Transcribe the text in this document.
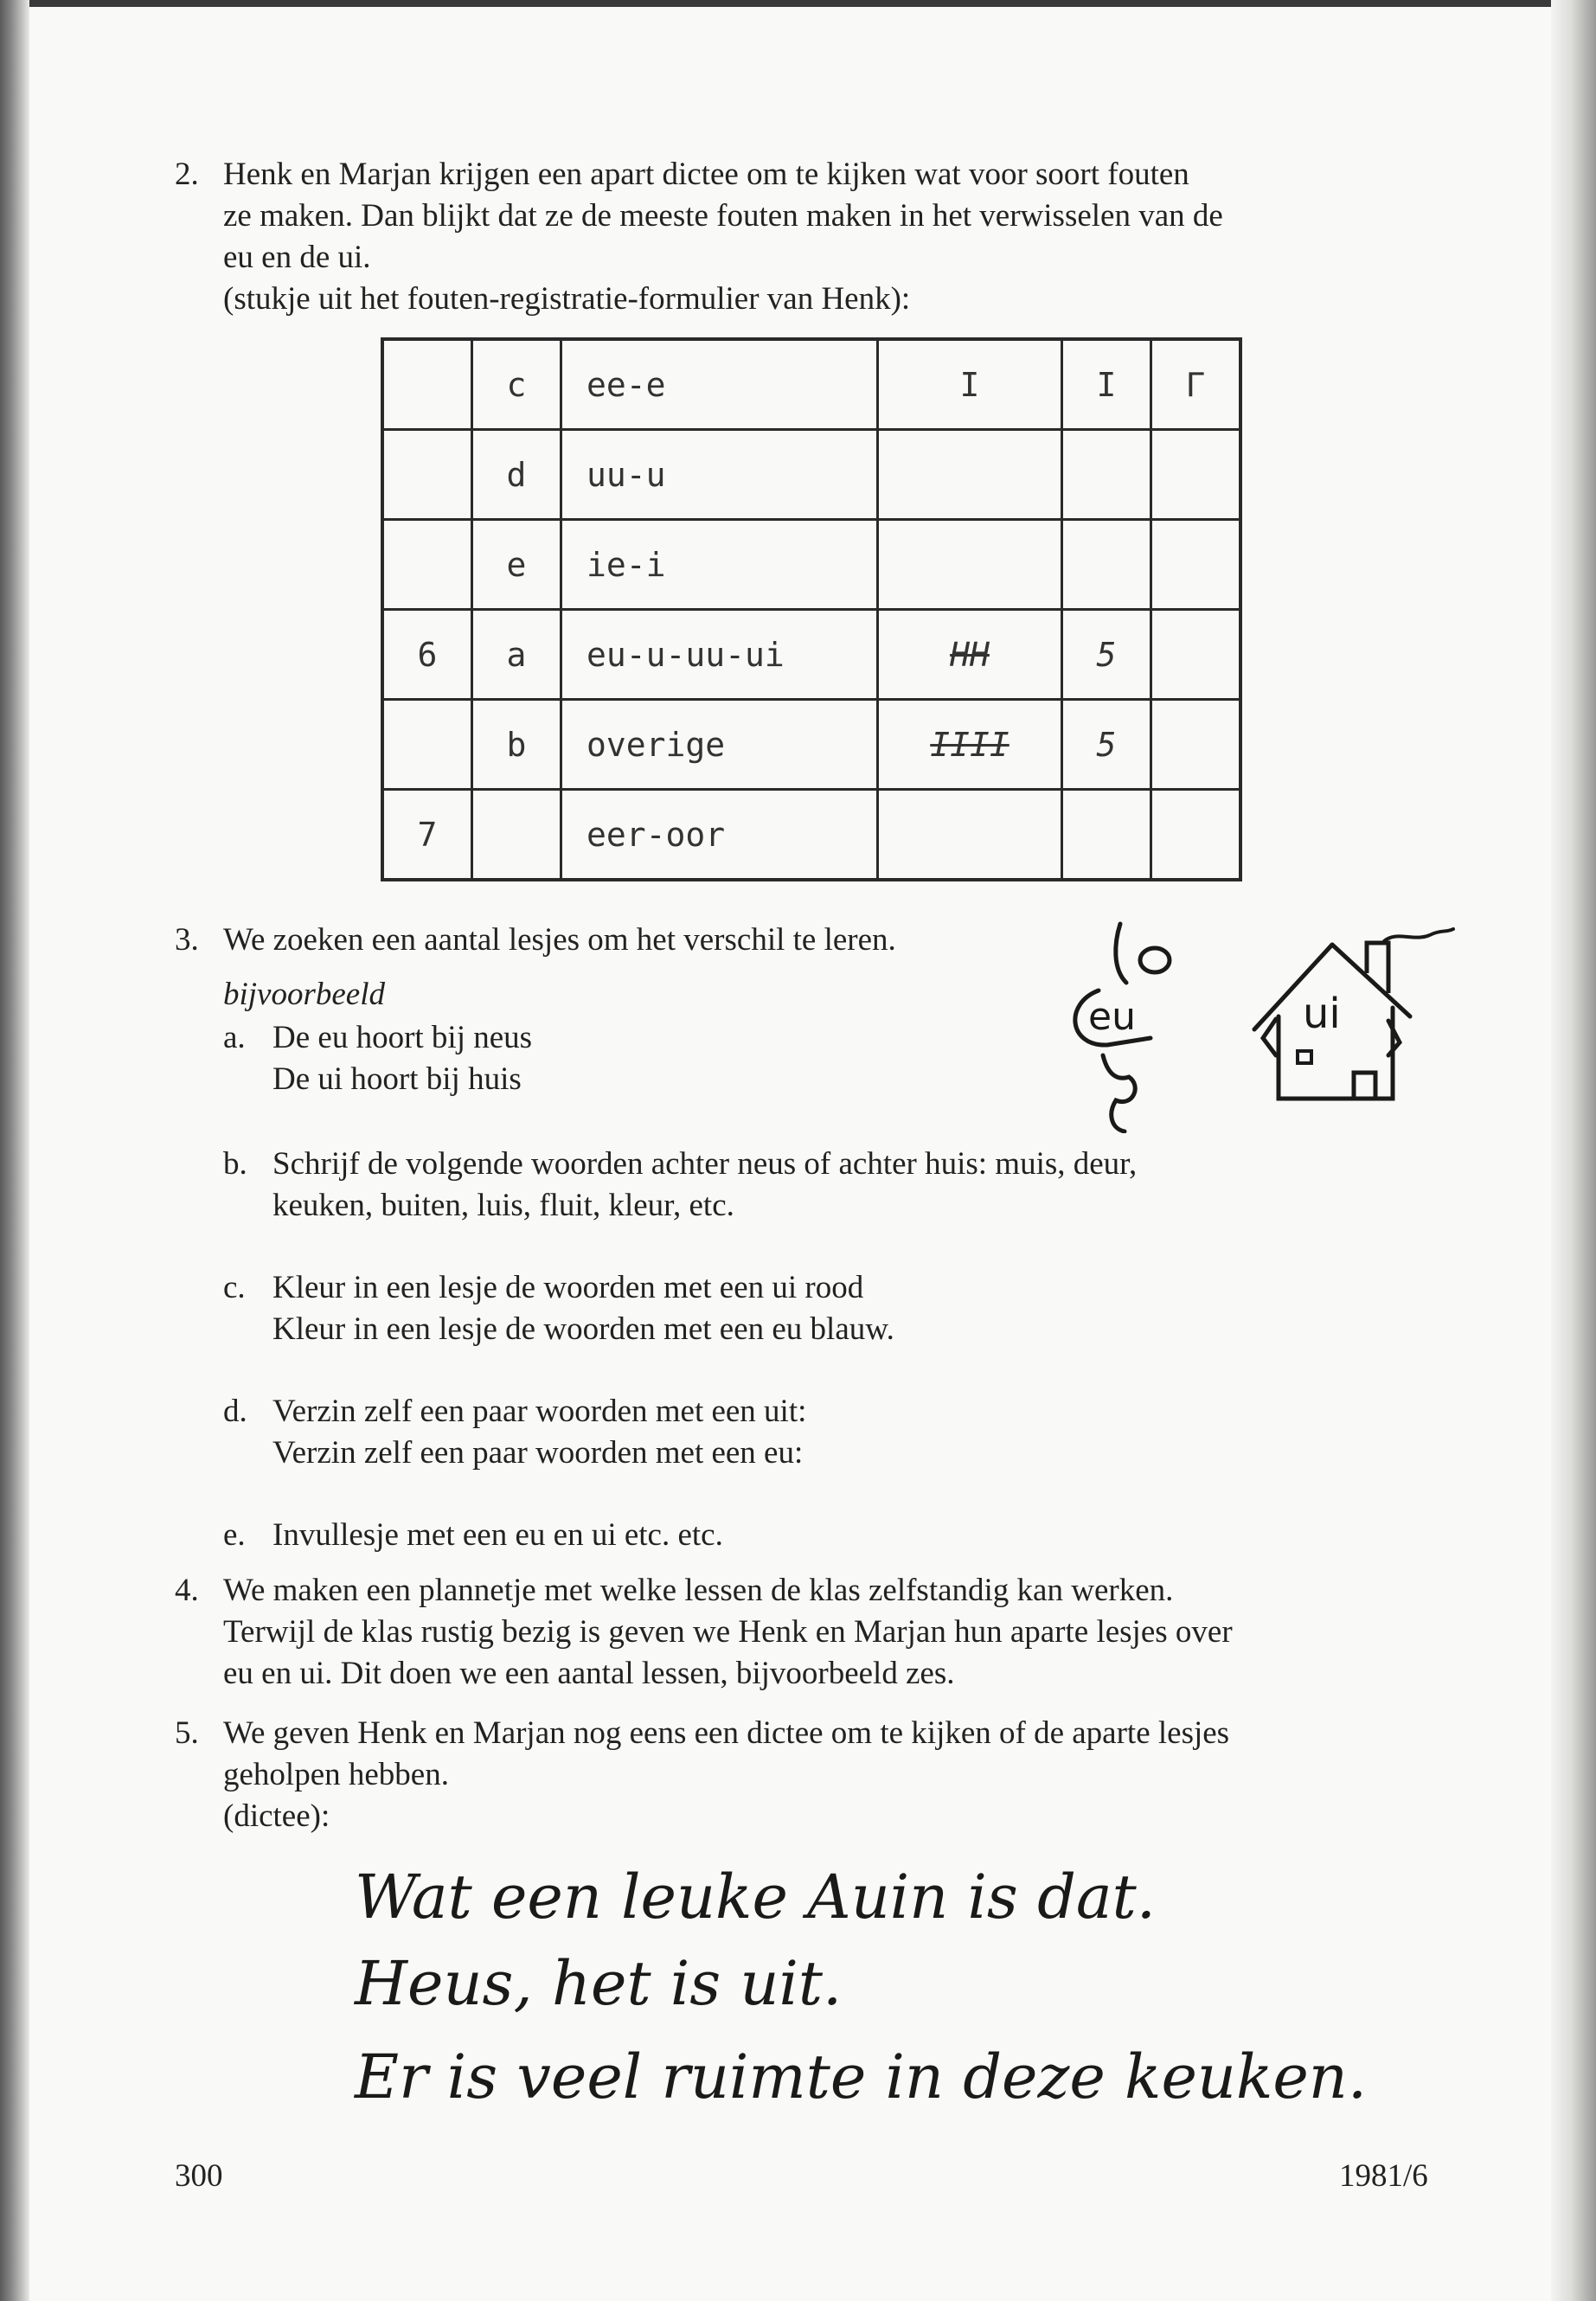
2. Henk en Marjan krijgen een apart dictee om te kijken wat voor soort fouten
ze maken. Dan blijkt dat ze de meeste fouten maken in het verwisselen van de
eu en de ui.
(stukje uit het fouten-registratie-formulier van Henk):
	c	ee-e	I	I	Γ
	d	uu-u			
	e	ie-i			
6	a	eu-u-uu-ui	HH	5	
	b	overige	IIII	5	
7		eer-oor			
3. We zoeken een aantal lesjes om het verschil te leren.
bijvoorbeeld
a. De eu hoort bij neus
De ui hoort bij huis
eu	ui
b. Schrijf de volgende woorden achter neus of achter huis: muis, deur,
keuken, buiten, luis, fluit, kleur, etc.
c. Kleur in een lesje de woorden met een ui rood
Kleur in een lesje de woorden met een eu blauw.
d. Verzin zelf een paar woorden met een uit:
Verzin zelf een paar woorden met een eu:
e. Invullesje met een eu en ui etc. etc.
4. We maken een plannetje met welke lessen de klas zelfstandig kan werken.
Terwijl de klas rustig bezig is geven we Henk en Marjan hun aparte lesjes over
eu en ui. Dit doen we een aantal lessen, bijvoorbeeld zes.
5. We geven Henk en Marjan nog eens een dictee om te kijken of de aparte lesjes
geholpen hebben.
(dictee):
Wat een leuke Auin is dat.
Heus, het is uit.
Er is veel ruimte in deze keuken.
300	1981/6
